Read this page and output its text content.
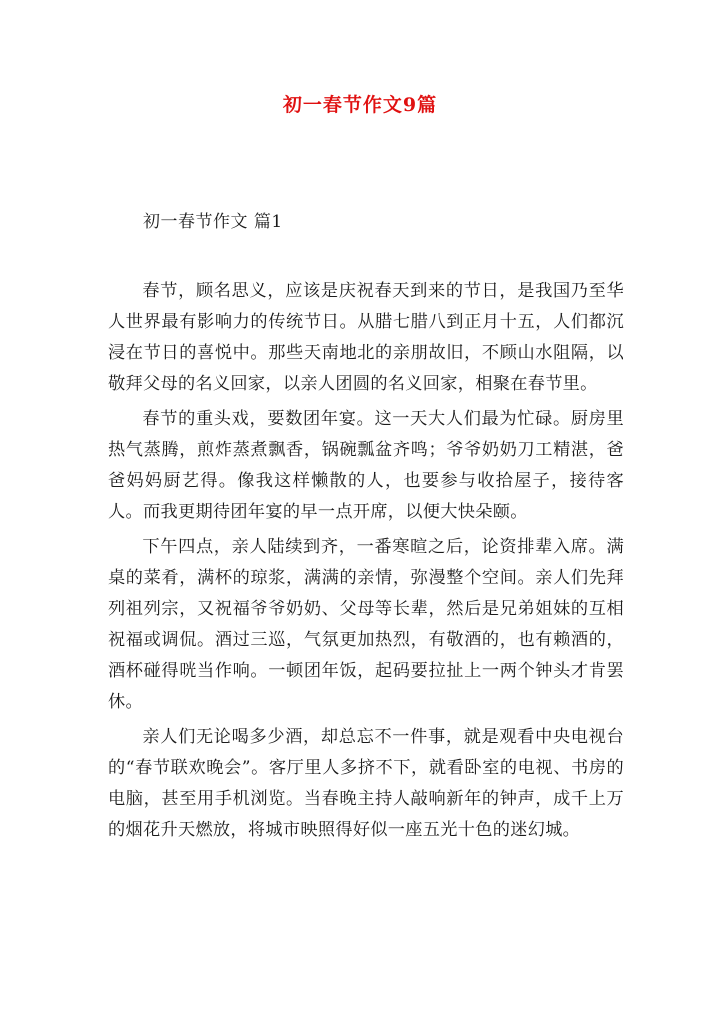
初一春节作文9篇
初一春节作文 篇1

春节，顾名思义，应该是庆祝春天到来的节日，是我国乃至华人世界最有影响力的传统节日。从腊七腊八到正月十五，人们都沉浸在节日的喜悦中。那些天南地北的亲朋故旧，不顾山水阻隔，以敬拜父母的名义回家，以亲人团圆的名义回家，相聚在春节里。

春节的重头戏，要数团年宴。这一天大人们最为忙碌。厨房里热气蒸腾，煎炸蒸煮飘香，锅碗瓢盆齐鸣；爷爷奶奶刀工精湛，爸爸妈妈厨艺得。像我这样懒散的人，也要参与收拾屋子，接待客人。而我更期待团年宴的早一点开席，以便大快朵颐。

下午四点，亲人陆续到齐，一番寒暄之后，论资排辈入席。满桌的菜肴，满杯的琼浆，满满的亲情，弥漫整个空间。亲人们先拜列祖列宗，又祝福爷爷奶奶、父母等长辈，然后是兄弟姐妹的互相祝福或调侃。酒过三巡，气氛更加热烈，有敬酒的，也有赖酒的，酒杯碰得咣当作响。一顿团年饭，起码要拉扯上一两个钟头才肯罢休。

亲人们无论喝多少酒，却总忘不一件事，就是观看中央电视台的“春节联欢晚会”。客厅里人多挤不下，就看卧室的电视、书房的电脑，甚至用手机浏览。当春晚主持人敲响新年的钟声，成千上万的烟花升天燃放，将城市映照得好似一座五光十色的迷幻城。
